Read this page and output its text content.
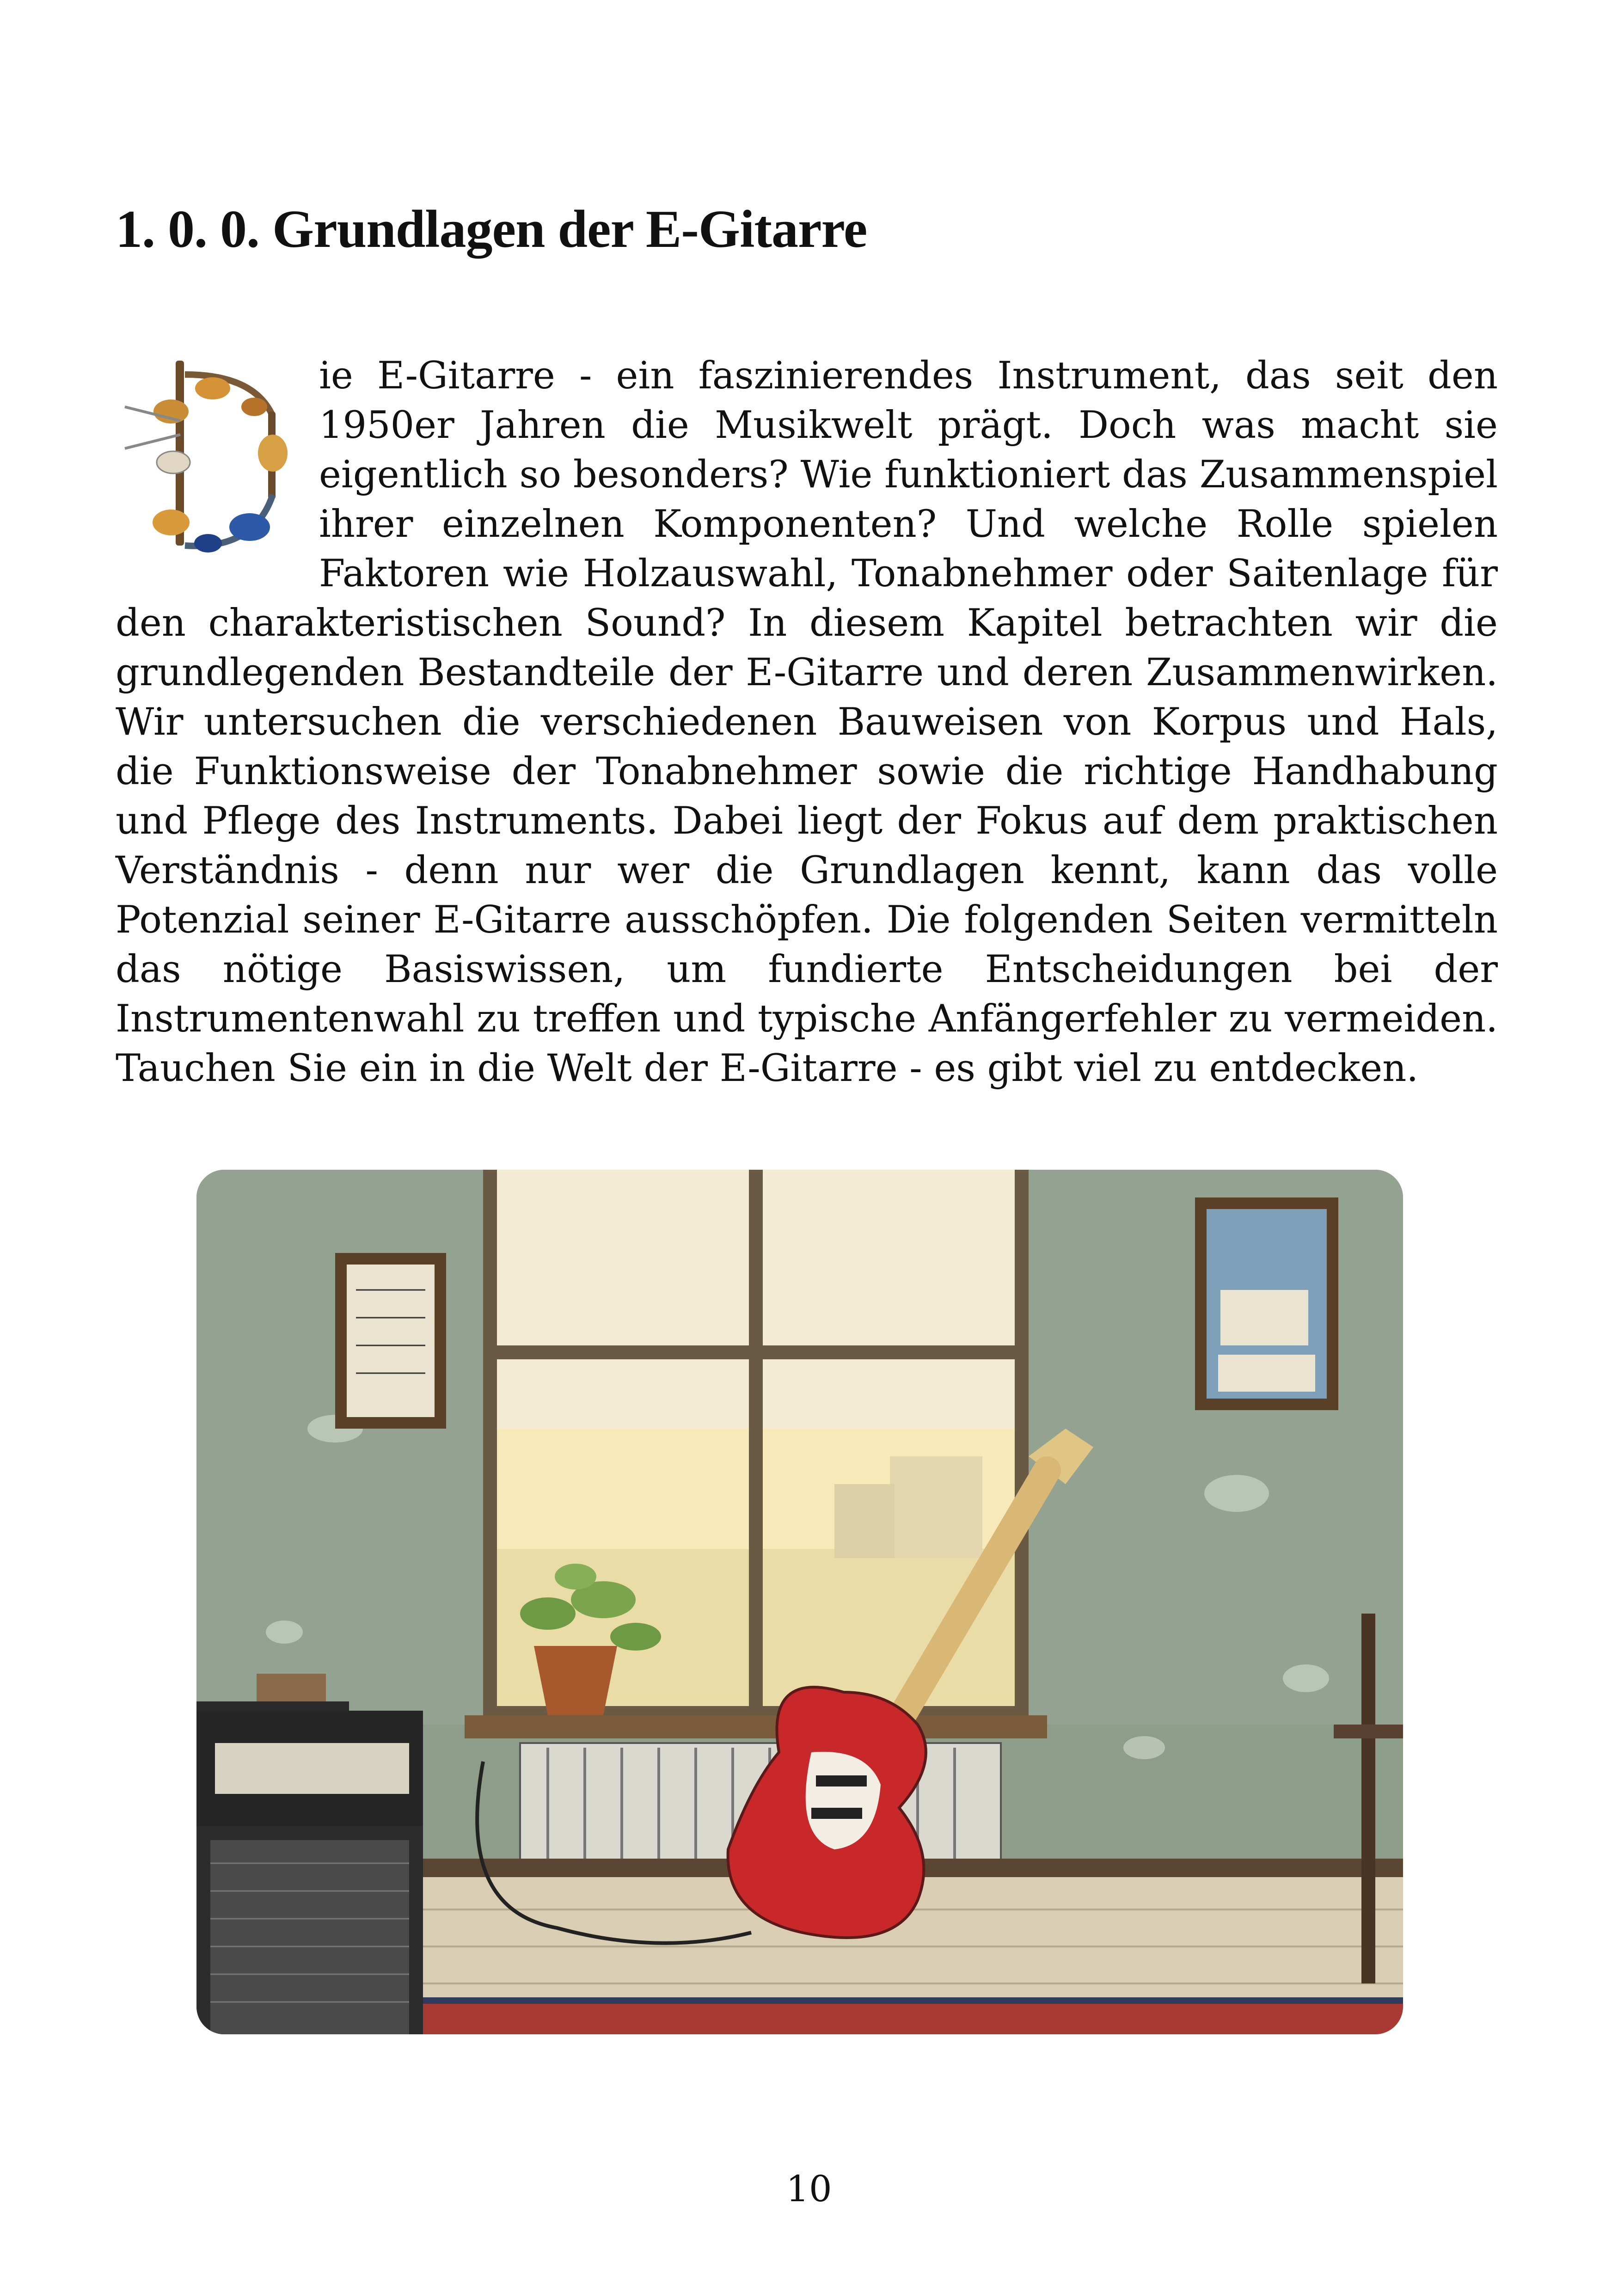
1. 0. 0. Grundlagen der E-Gitarre
ie E-Gitarre - ein faszinierendes Instrument, das seit den 1950er Jahren die Musikwelt prägt. Doch was macht sie eigentlich so besonders? Wie funktioniert das Zusammenspiel ihrer einzelnen Komponenten? Und welche Rolle spielen Faktoren wie Holzauswahl, Tonabnehmer oder Saitenlage für den charakteristischen Sound? In diesem Kapitel betrachten wir die grundlegenden Bestandteile der E-Gitarre und deren Zusammenwirken. Wir untersuchen die verschiedenen Bauweisen von Korpus und Hals, die Funktionsweise der Tonabnehmer sowie die richtige Handhabung und Pflege des Instruments. Dabei liegt der Fokus auf dem praktischen Verständnis - denn nur wer die Grundlagen kennt, kann das volle Potenzial seiner E-Gitarre ausschöpfen. Die folgenden Seiten vermitteln das nötige Basiswissen, um fundierte Entscheidungen bei der Instrumentenwahl zu treffen und typische Anfängerfehler zu vermeiden. Tauchen Sie ein in die Welt der E-Gitarre - es gibt viel zu entdecken.
10
